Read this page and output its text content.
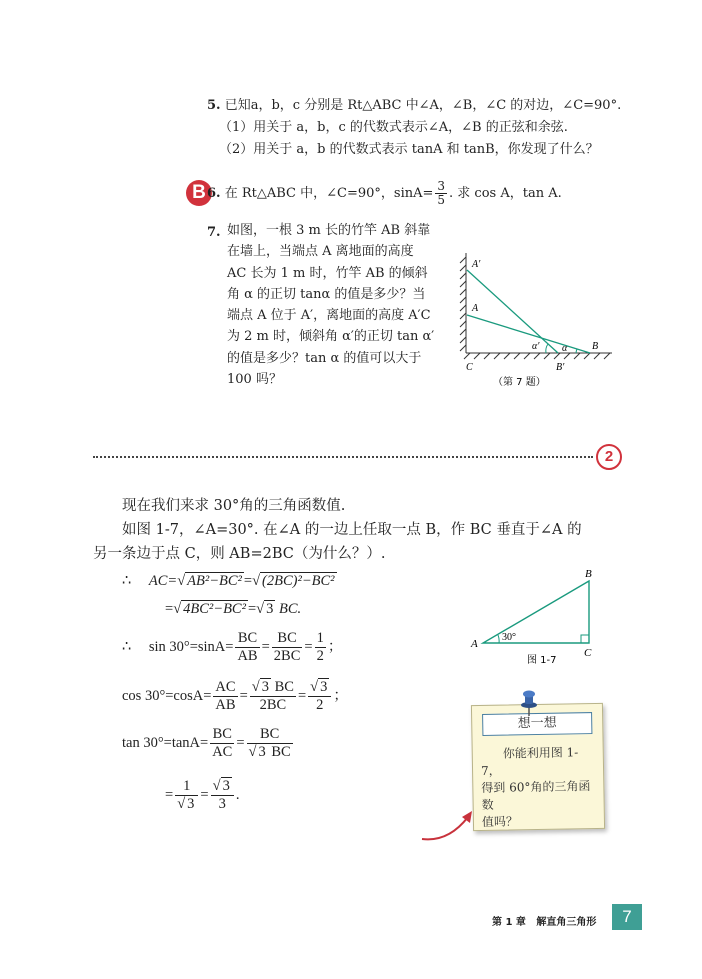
5. 已知a，b，c 分别是 Rt△ABC 中∠A，∠B，∠C 的对边，∠C=90°.
（1）用关于 a，b，c 的代数式表示∠A，∠B 的正弦和余弦.
（2）用关于 a，b 的代数式表示 tanA 和 tanB，你发现了什么？
B 6. 在 Rt△ABC 中，∠C=90°，$\sin A= \frac{3}{5}$ . 求 cos A，tan A.
7. 如图，一根 3 m 长的竹竿 AB 斜靠
在墙上，当端点 A 离地面的高度
AC 长为 1 m 时，竹竿 AB 的倾斜
角 α 的正切 tanα 的值是多少？当
端点 A 位于 A′，离地面的高度 A′C
为 2 m 时，倾斜角 α′的正切 tan α′
的值是多少？tan α 的值可以大于
100 吗？
A′
A
α′ α B
C	B′
（第 7 题）
2
现在我们来求 30°角的三角函数值.
如图 1-7，∠A=30°. 在∠A 的一边上任取一点 B，作 BC 垂直于∠A 的
另一条边于点 C，则 AB=2BC（为什么？）.
∴ AC=√ AB²−BC² =√ (2BC)²−BC²
=√ 4BC²−BC² =√ 3 BC.
∴ $\sin 30^\circ=\sin A= \frac{BC}{AB} = \frac{BC}{2BC} = \frac{1}{2}$ ；
$\cos 30^\circ=\cos A= \frac{AC}{AB} = \frac{√ 3 BC}{2BC} = \frac{√ 3}{2}$ ；
$\tan 30^\circ=\tan A= \frac{BC}{AC} = \frac{BC}{√ 3 BC}$
= $\frac{1}{√ 3} = \frac{√ 3}{3}$ .
B
A
30°
C
图 1-7
想一想
你能利用图 1-7，
得到 60°角的三角函数
值吗？
第 1 章   解直角三角形	7
